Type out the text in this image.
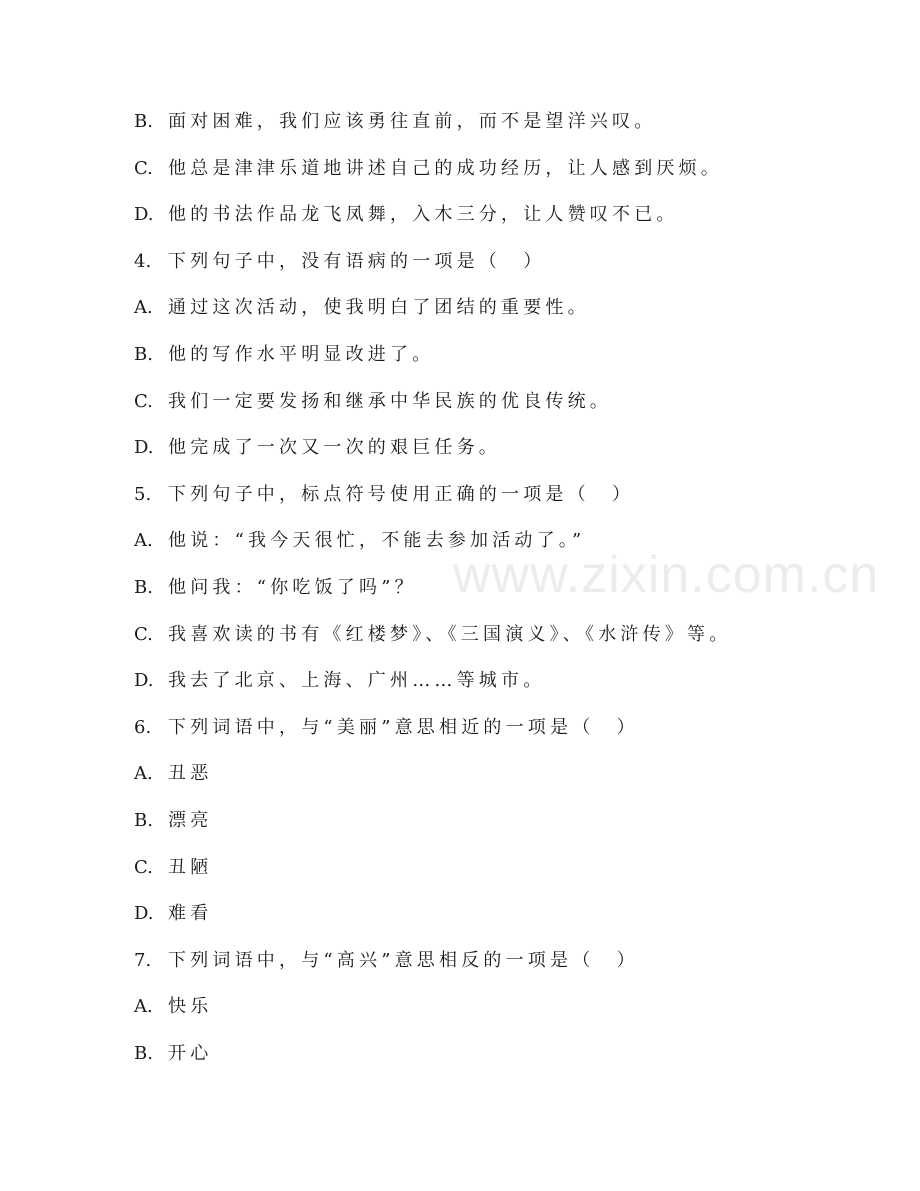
B. 面对困难，我们应该勇往直前，而不是望洋兴叹。
C. 他总是津津乐道地讲述自己的成功经历，让人感到厌烦。
D. 他的书法作品龙飞凤舞，入木三分，让人赞叹不已。
4. 下列句子中，没有语病的一项是（　）
A. 通过这次活动，使我明白了团结的重要性。
B. 他的写作水平明显改进了。
C. 我们一定要发扬和继承中华民族的优良传统。
D. 他完成了一次又一次的艰巨任务。
5. 下列句子中，标点符号使用正确的一项是（　）
A. 他说：“我今天很忙，不能去参加活动了。”
B. 他问我：“你吃饭了吗”？
C. 我喜欢读的书有《红楼梦》、《三国演义》、《水浒传》等。
D. 我去了北京、上海、广州……等城市。
6. 下列词语中，与“美丽”意思相近的一项是（　）
A. 丑恶
B. 漂亮
C. 丑陋
D. 难看
7. 下列词语中，与“高兴”意思相反的一项是（　）
A. 快乐
B. 开心
www.zixin.com.cn
